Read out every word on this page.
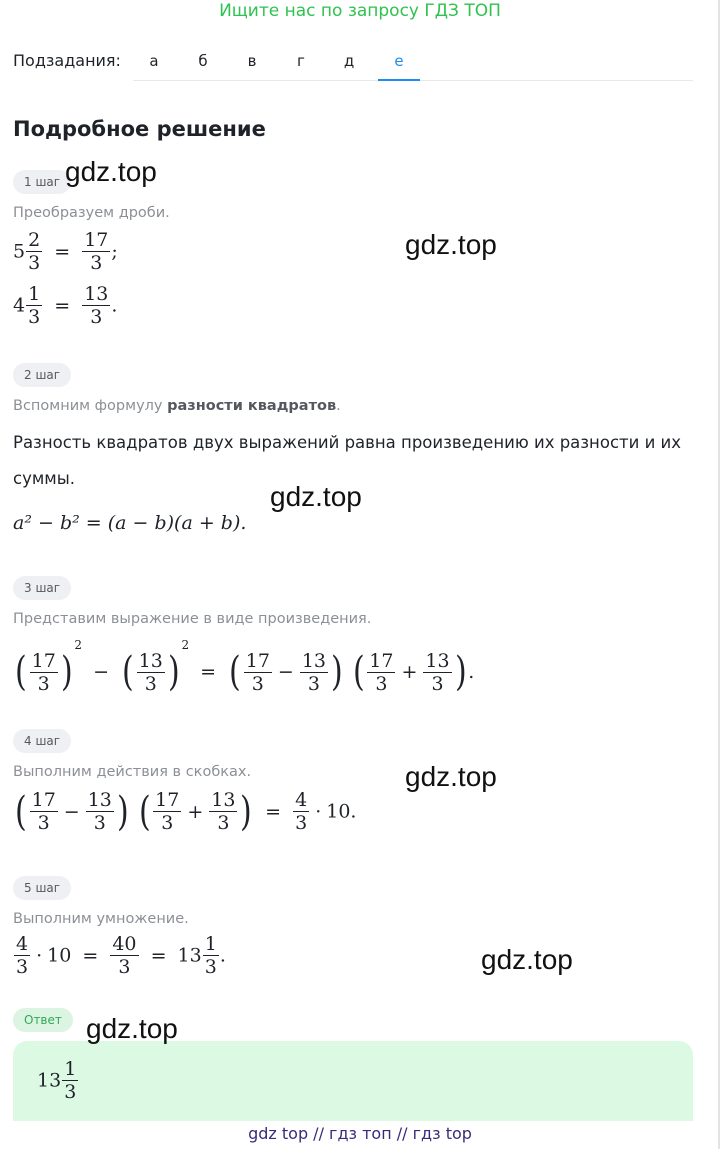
Ищите нас по запросу ГДЗ ТОП
Подзадания:	а	б	в	г	д	е
Подробное решение
1 шаг
Преобразуем дроби.
$5 \frac{2}{3} = \frac{17}{3}$ ;
$4 \frac{1}{3} = \frac{13}{3}$ .
2 шаг
Вспомним формулу разности квадратов.
Разность квадратов двух выражений равна произведению их разности и их
суммы.
a² − b² = (a − b)(a + b).
3 шаг
Представим выражение в виде произведения.
( $\frac{17}{3} )^2$ − ( $\frac{13}{3} )^2$ = ( $\frac{17}{3} - \frac{13}{3}$ ) ( $\frac{17}{3} + \frac{13}{3}$ ) .
4 шаг
Выполним действия в скобках.
( $\frac{17}{3} - \frac{13}{3}$ ) ( $\frac{17}{3} + \frac{13}{3}$ ) = $\frac{4}{3} \cdot 10$.
5 шаг
Выполним умножение.
$\frac{4}{3} \cdot 10 = \frac{40}{3} = 13 \frac{1}{3}$ .
Ответ
$13 \frac{1}{3}$
gdz.top
gdz.top
gdz.top
gdz.top
gdz.top
gdz.top
gdz top // гдз топ // гдз top
